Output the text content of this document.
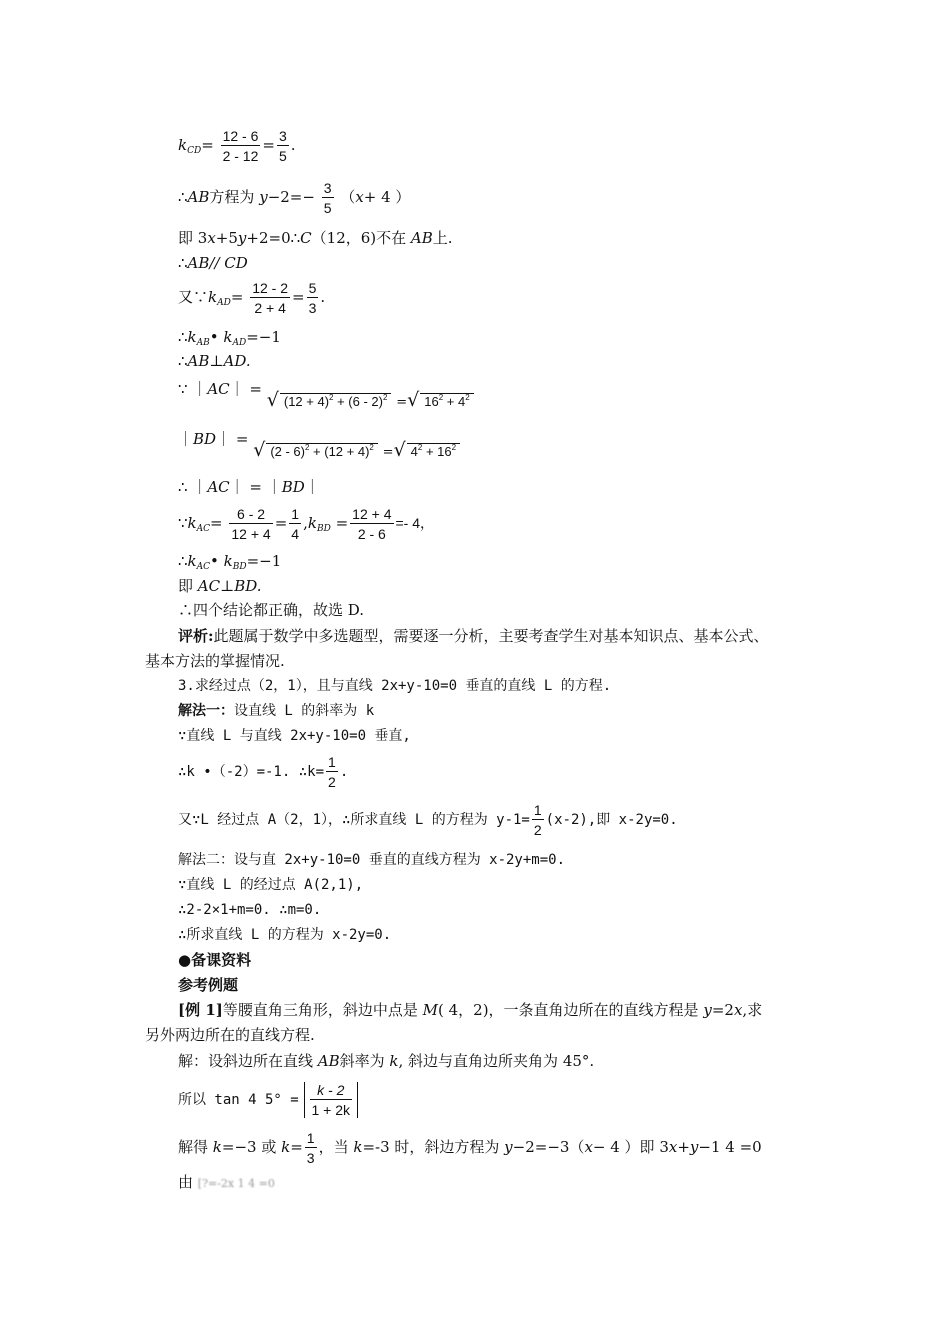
$k_{CD}= \frac{12 - 6}{2 - 12} = \frac{3}{5}$ .
∴AB方程为 $y-2=- \frac{3}{5} (x+ 4$ ）
即 3x+5y+2=0∴C（12，6)不在 AB上.
∴AB// CD
又$\because k_{AD}= \frac{12 - 2}{2 + 4} = \frac{5}{3}$ .
$\therefore k_{AB}•$ $k_{AD}=-1$
∴AB⊥AD.
∵ ｜AC｜ = √ $(12 + 4)^2 + (6 - 2)^2$ =√ $16^2 + 4^2$
｜BD｜ = √ $(2 - 6)^2 + (12 + 4)^2$ =√ $4^2 + 16^2$
∴ ｜AC｜ = ｜BD｜
$\because k_{AC}= \frac{6 - 2}{12 + 4} = \frac{1}{4} ,k_{BD} = \frac{12 + 4}{2 - 6} =- 4$，
$\therefore k_{AC}•$ $k_{BD}=-1$
即 AC⊥BD.
∴四个结论都正确，故选 D.
评析:此题属于数学中多选题型，需要逐一分析，主要考查学生对基本知识点、基本公式、
基本方法的掌握情况.
3.求经过点（2，1），且与直线 2x+y-10=0 垂直的直线 L 的方程.
解法一：设直线 L 的斜率为 k
∵直线 L 与直线 2x+y-10=0 垂直,
∴k •（-2）=-1. ∴k= $\frac{1}{2}$ .
又∵L 经过点 A（2，1），∴所求直线 L 的方程为 $y-1= \frac{1}{2} (x-2)$,即 x-2y=0.
解法二：设与直 2x+y-10=0 垂直的直线方程为 x-2y+m=0.
∵直线 L 的经过点 A(2,1),
∴2-2×1+m=0. ∴m=0.
∴所求直线 L 的方程为 x-2y=0.
●备课资料
参考例题
[例 1]等腰直角三角形，斜边中点是 M( 4，2)，一条直角边所在的直线方程是 y=2x,求
另外两边所在的直线方程.
解：设斜边所在直线 AB斜率为 k, 斜边与直角边所夹角为 45°.
所以 tan 4 $5^\circ = \frac{k - 2}{1 + 2k}$
解得 k=−3 或 $k= \frac{1}{3}$ ，当 k=-3 时，斜边方程为 y−2=−3（x− 4 ）即 3x+y−1 4 =0
由 [?=-2x 1 4 =0
